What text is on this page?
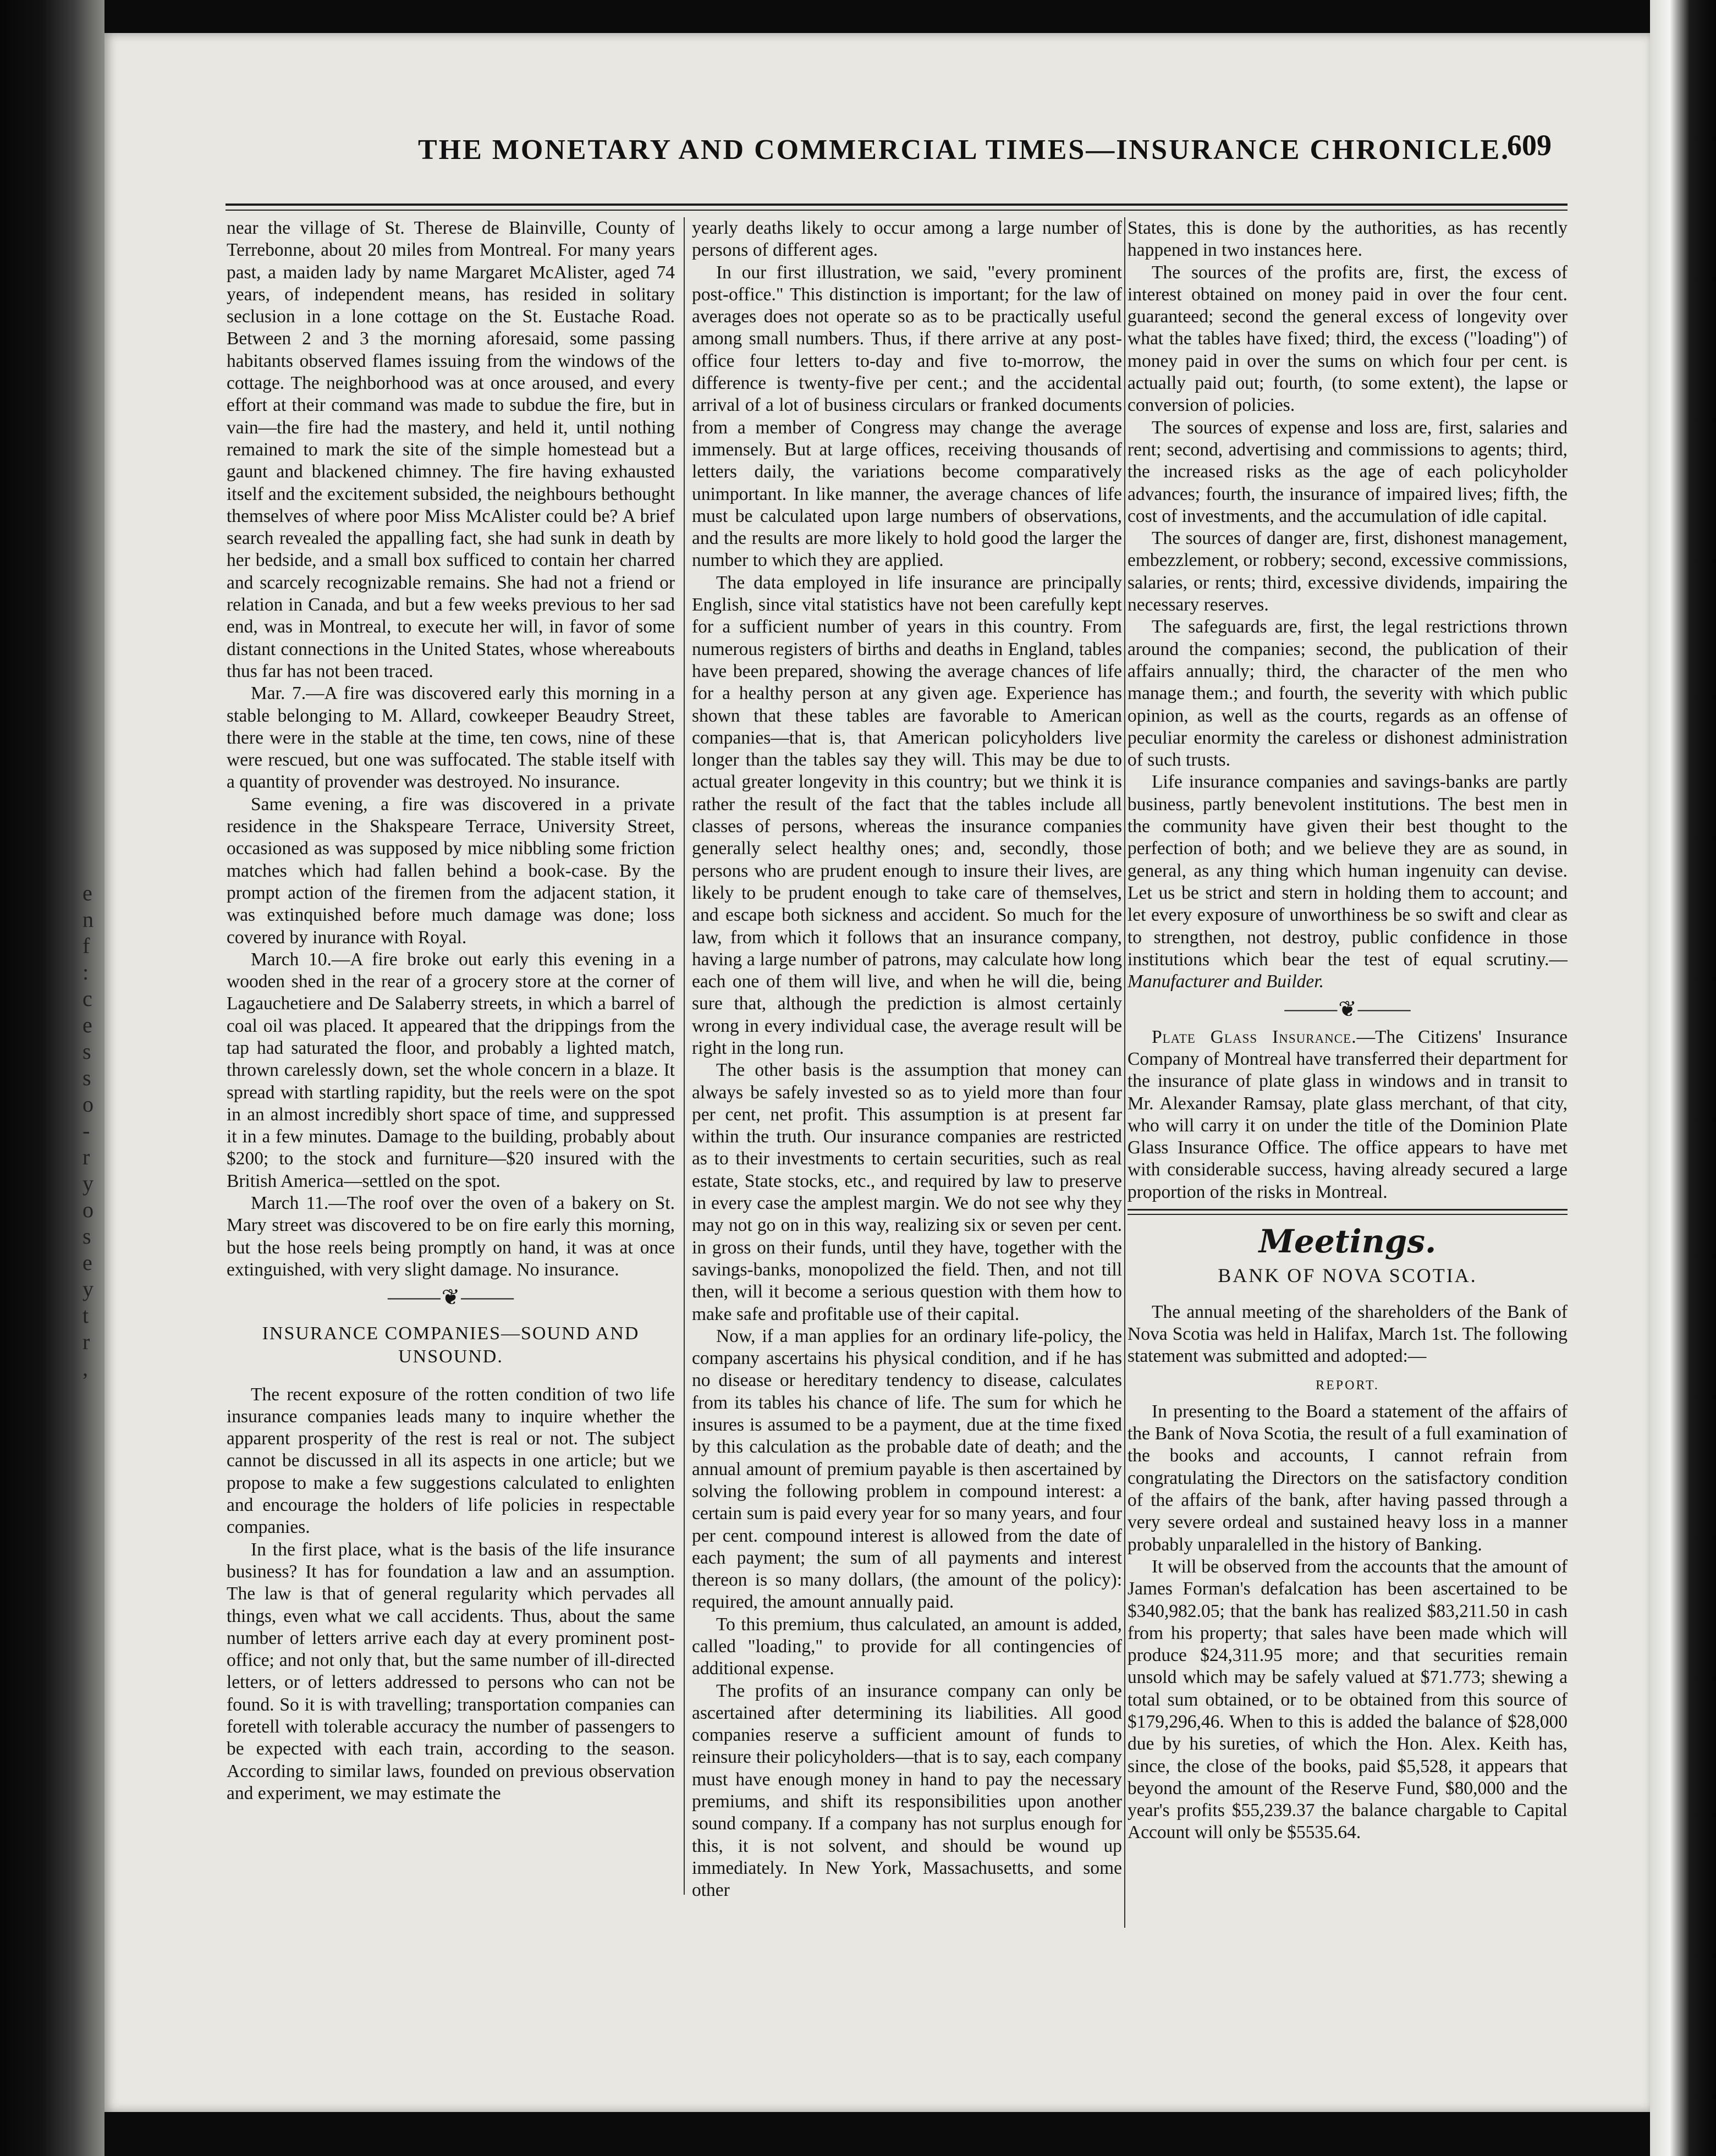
e
n
f
:
c
e
s
s
o
-
r
y
o
s
e
y
t
r
,
THE MONETARY AND COMMERCIAL TIMES—INSURANCE CHRONICLE.
609

near the village of St. Therese de Blainville, County of Terrebonne, about 20 miles from Montreal. For many years past, a maiden lady by name Margaret McAlister, aged 74 years, of independent means, has resided in solitary seclusion in a lone cottage on the St. Eustache Road. Between 2 and 3 the morning aforesaid, some passing habitants observed flames issuing from the windows of the cottage. The neighborhood was at once aroused, and every effort at their command was made to subdue the fire, but in vain—the fire had the mastery, and held it, until nothing remained to mark the site of the simple homestead but a gaunt and blackened chimney. The fire having exhausted itself and the excitement subsided, the neighbours bethought themselves of where poor Miss McAlister could be? A brief search revealed the appalling fact, she had sunk in death by her bedside, and a small box sufficed to contain her charred and scarcely recognizable remains. She had not a friend or relation in Canada, and but a few weeks previous to her sad end, was in Montreal, to execute her will, in favor of some distant connections in the United States, whose whereabouts thus far has not been traced.

Mar. 7.—A fire was discovered early this morning in a stable belonging to M. Allard, cowkeeper Beaudry Street, there were in the stable at the time, ten cows, nine of these were rescued, but one was suffocated. The stable itself with a quantity of provender was destroyed. No insurance.

Same evening, a fire was discovered in a private residence in the Shakspeare Terrace, University Street, occasioned as was supposed by mice nibbling some friction matches which had fallen behind a book-case. By the prompt action of the firemen from the adjacent station, it was extinquished before much damage was done; loss covered by inurance with Royal.

March 10.—A fire broke out early this evening in a wooden shed in the rear of a grocery store at the corner of Lagauchetiere and De Salaberry streets, in which a barrel of coal oil was placed. It appeared that the drippings from the tap had saturated the floor, and probably a lighted match, thrown carelessly down, set the whole concern in a blaze. It spread with startling rapidity, but the reels were on the spot in an almost incredibly short space of time, and suppressed it in a few minutes. Damage to the building, probably about $200; to the stock and furniture—$20 insured with the British America—settled on the spot.

March 11.—The roof over the oven of a bakery on St. Mary street was discovered to be on fire early this morning, but the hose reels being promptly on hand, it was at once extinguished, with very slight damage. No insurance.

⸻❦⸻
INSURANCE COMPANIES—SOUND AND UNSOUND.

The recent exposure of the rotten condition of two life insurance companies leads many to inquire whether the apparent prosperity of the rest is real or not. The subject cannot be discussed in all its aspects in one article; but we propose to make a few suggestions calculated to enlighten and encourage the holders of life policies in respectable companies.

In the first place, what is the basis of the life insurance business? It has for foundation a law and an assumption. The law is that of general regularity which pervades all things, even what we call accidents. Thus, about the same number of letters arrive each day at every prominent post-office; and not only that, but the same number of ill-directed letters, or of letters addressed to persons who can not be found. So it is with travelling; transportation companies can foretell with tolerable accuracy the number of passengers to be expected with each train, according to the season. According to similar laws, founded on previous observation and experiment, we may estimate the

yearly deaths likely to occur among a large number of persons of different ages.

In our first illustration, we said, "every prominent post-office." This distinction is important; for the law of averages does not operate so as to be practically useful among small numbers. Thus, if there arrive at any post-office four letters to-day and five to-morrow, the difference is twenty-five per cent.; and the accidental arrival of a lot of business circulars or franked documents from a member of Congress may change the average immensely. But at large offices, receiving thousands of letters daily, the variations become comparatively unimportant. In like manner, the average chances of life must be calculated upon large numbers of observations, and the results are more likely to hold good the larger the number to which they are applied.

The data employed in life insurance are principally English, since vital statistics have not been carefully kept for a sufficient number of years in this country. From numerous registers of births and deaths in England, tables have been prepared, showing the average chances of life for a healthy person at any given age. Experience has shown that these tables are favorable to American companies—that is, that American policyholders live longer than the tables say they will. This may be due to actual greater longevity in this country; but we think it is rather the result of the fact that the tables include all classes of persons, whereas the insurance companies generally select healthy ones; and, secondly, those persons who are prudent enough to insure their lives, are likely to be prudent enough to take care of themselves, and escape both sickness and accident. So much for the law, from which it follows that an insurance company, having a large number of patrons, may calculate how long each one of them will live, and when he will die, being sure that, although the prediction is almost certainly wrong in every individual case, the average result will be right in the long run.

The other basis is the assumption that money can always be safely invested so as to yield more than four per cent, net profit. This assumption is at present far within the truth. Our insurance companies are restricted as to their investments to certain securities, such as real estate, State stocks, etc., and required by law to preserve in every case the amplest margin. We do not see why they may not go on in this way, realizing six or seven per cent. in gross on their funds, until they have, together with the savings-banks, monopolized the field. Then, and not till then, will it become a serious question with them how to make safe and profitable use of their capital.

Now, if a man applies for an ordinary life-policy, the company ascertains his physical condition, and if he has no disease or hereditary tendency to disease, calculates from its tables his chance of life. The sum for which he insures is assumed to be a payment, due at the time fixed by this calculation as the probable date of death; and the annual amount of premium payable is then ascertained by solving the following problem in compound interest: a certain sum is paid every year for so many years, and four per cent. compound interest is allowed from the date of each payment; the sum of all payments and interest thereon is so many dollars, (the amount of the policy): required, the amount annually paid.

To this premium, thus calculated, an amount is added, called "loading," to provide for all contingencies of additional expense.

The profits of an insurance company can only be ascertained after determining its liabilities. All good companies reserve a sufficient amount of funds to reinsure their policyholders—that is to say, each company must have enough money in hand to pay the necessary premiums, and shift its responsibilities upon another sound company. If a company has not surplus enough for this, it is not solvent, and should be wound up immediately. In New York, Massachusetts, and some other

States, this is done by the authorities, as has recently happened in two instances here.

The sources of the profits are, first, the excess of interest obtained on money paid in over the four cent. guaranteed; second the general excess of longevity over what the tables have fixed; third, the excess ("loading") of money paid in over the sums on which four per cent. is actually paid out; fourth, (to some extent), the lapse or conversion of policies.

The sources of expense and loss are, first, salaries and rent; second, advertising and commissions to agents; third, the increased risks as the age of each policyholder advances; fourth, the insurance of impaired lives; fifth, the cost of investments, and the accumulation of idle capital.

The sources of danger are, first, dishonest management, embezzlement, or robbery; second, excessive commissions, salaries, or rents; third, excessive dividends, impairing the necessary reserves.

The safeguards are, first, the legal restrictions thrown around the companies; second, the publication of their affairs annually; third, the character of the men who manage them.; and fourth, the severity with which public opinion, as well as the courts, regards as an offense of peculiar enormity the careless or dishonest administration of such trusts.

Life insurance companies and savings-banks are partly business, partly benevolent institutions. The best men in the community have given their best thought to the perfection of both; and we believe they are as sound, in general, as any thing which human ingenuity can devise. Let us be strict and stern in holding them to account; and let every exposure of unworthiness be so swift and clear as to strengthen, not destroy, public confidence in those institutions which bear the test of equal scrutiny.—Manufacturer and Builder.

⸻❦⸻

Plate Glass Insurance.—The Citizens' Insurance Company of Montreal have transferred their department for the insurance of plate glass in windows and in transit to Mr. Alexander Ramsay, plate glass merchant, of that city, who will carry it on under the title of the Dominion Plate Glass Insurance Office. The office appears to have met with considerable success, having already secured a large proportion of the risks in Montreal.

Meetings.
BANK OF NOVA SCOTIA.

The annual meeting of the shareholders of the Bank of Nova Scotia was held in Halifax, March 1st. The following statement was submitted and adopted:—

REPORT.

In presenting to the Board a statement of the affairs of the Bank of Nova Scotia, the result of a full examination of the books and accounts, I cannot refrain from congratulating the Directors on the satisfactory condition of the affairs of the bank, after having passed through a very severe ordeal and sustained heavy loss in a manner probably unparalelled in the history of Banking.

It will be observed from the accounts that the amount of James Forman's defalcation has been ascertained to be $340,982.05; that the bank has realized $83,211.50 in cash from his property; that sales have been made which will produce $24,311.95 more; and that securities remain unsold which may be safely valued at $71.773; shewing a total sum obtained, or to be obtained from this source of $179,296,46. When to this is added the balance of $28,000 due by his sureties, of which the Hon. Alex. Keith has, since, the close of the books, paid $5,528, it appears that beyond the amount of the Reserve Fund, $80,000 and the year's profits $55,239.37 the balance chargable to Capital Account will only be $5535.64.
